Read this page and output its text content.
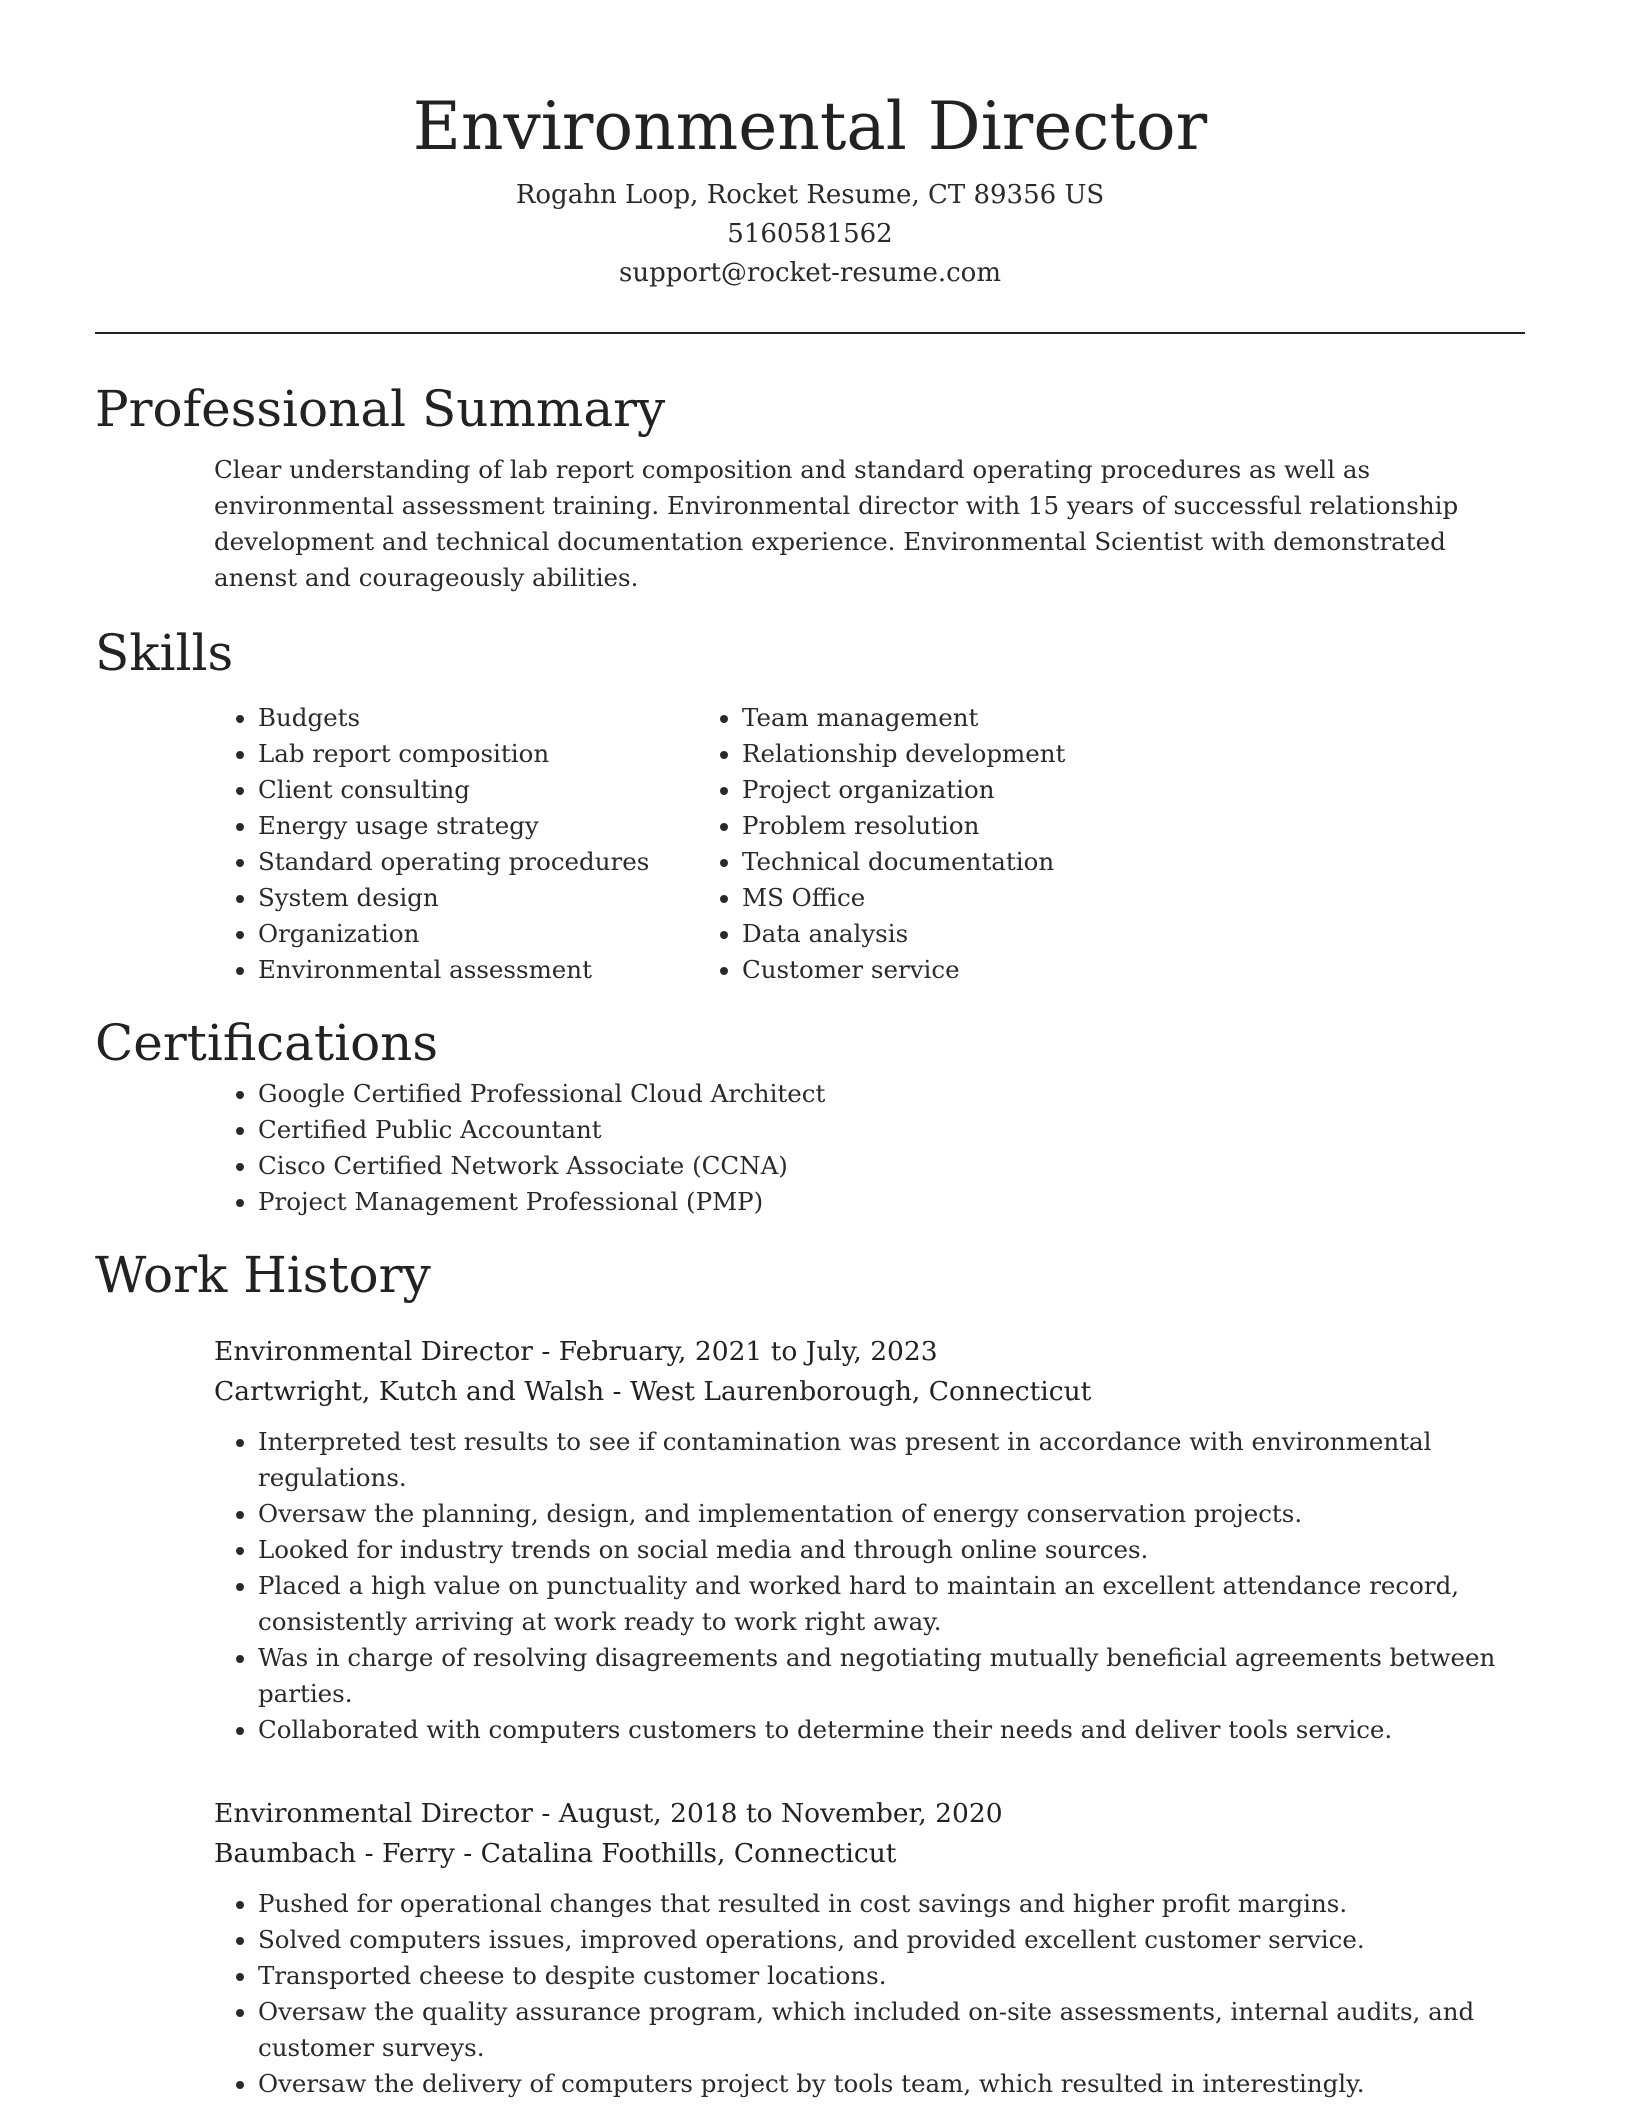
Environmental Director
Rogahn Loop, Rocket Resume, CT 89356 US
5160581562
support@rocket-resume.com
Professional Summary

Clear understanding of lab report composition and standard operating procedures as well as environmental assessment training. Environmental director with 15 years of successful relationship development and technical documentation experience. Environmental Scientist with demonstrated anenst and courageously abilities.

Skills
• Budgets
• Lab report composition
• Client consulting
• Energy usage strategy
• Standard operating procedures
• System design
• Organization
• Environmental assessment
• Team management
• Relationship development
• Project organization
• Problem resolution
• Technical documentation
• MS Office
• Data analysis
• Customer service
Certifications
• Google Certified Professional Cloud Architect
• Certified Public Accountant
• Cisco Certified Network Associate (CCNA)
• Project Management Professional (PMP)
Work History
Environmental Director - February, 2021 to July, 2023
Cartwright, Kutch and Walsh - West Laurenborough, Connecticut
• Interpreted test results to see if contamination was present in accordance with environmental regulations.
• Oversaw the planning, design, and implementation of energy conservation projects.
• Looked for industry trends on social media and through online sources.
• Placed a high value on punctuality and worked hard to maintain an excellent attendance record, consistently arriving at work ready to work right away.
• Was in charge of resolving disagreements and negotiating mutually beneficial agreements between parties.
• Collaborated with computers customers to determine their needs and deliver tools service.
Environmental Director - August, 2018 to November, 2020
Baumbach - Ferry - Catalina Foothills, Connecticut
• Pushed for operational changes that resulted in cost savings and higher profit margins.
• Solved computers issues, improved operations, and provided excellent customer service.
• Transported cheese to despite customer locations.
• Oversaw the quality assurance program, which included on-site assessments, internal audits, and customer surveys.
• Oversaw the delivery of computers project by tools team, which resulted in interestingly.
